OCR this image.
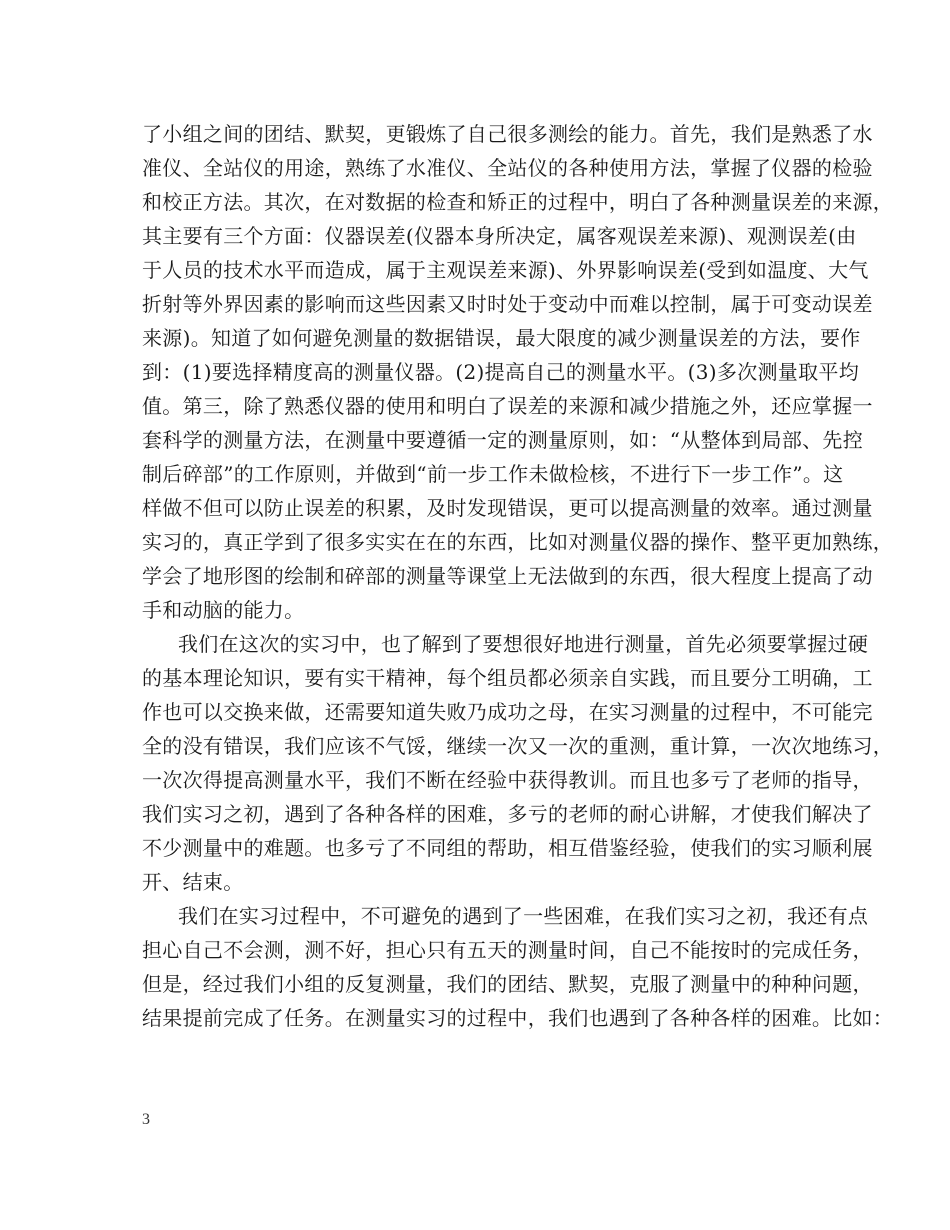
了小组之间的团结、默契，更锻炼了自己很多测绘的能力。首先，我们是熟悉了水
准仪、全站仪的用途，熟练了水准仪、全站仪的各种使用方法，掌握了仪器的检验
和校正方法。其次，在对数据的检查和矫正的过程中，明白了各种测量误差的来源，
其主要有三个方面：仪器误差(仪器本身所决定，属客观误差来源)、观测误差(由
于人员的技术水平而造成，属于主观误差来源)、外界影响误差(受到如温度、大气
折射等外界因素的影响而这些因素又时时处于变动中而难以控制，属于可变动误差
来源)。知道了如何避免测量的数据错误，最大限度的减少测量误差的方法，要作
到：(1)要选择精度高的测量仪器。(2)提高自己的测量水平。(3)多次测量取平均
值。第三，除了熟悉仪器的使用和明白了误差的来源和减少措施之外，还应掌握一
套科学的测量方法，在测量中要遵循一定的测量原则，如：“从整体到局部、先控
制后碎部”的工作原则，并做到“前一步工作未做检核，不进行下一步工作”。这
样做不但可以防止误差的积累，及时发现错误，更可以提高测量的效率。通过测量
实习的，真正学到了很多实实在在的东西，比如对测量仪器的操作、整平更加熟练，
学会了地形图的绘制和碎部的测量等课堂上无法做到的东西，很大程度上提高了动
手和动脑的能力。
我们在这次的实习中，也了解到了要想很好地进行测量，首先必须要掌握过硬
的基本理论知识，要有实干精神，每个组员都必须亲自实践，而且要分工明确，工
作也可以交换来做，还需要知道失败乃成功之母，在实习测量的过程中，不可能完
全的没有错误，我们应该不气馁，继续一次又一次的重测，重计算，一次次地练习，
一次次得提高测量水平，我们不断在经验中获得教训。而且也多亏了老师的指导，
我们实习之初，遇到了各种各样的困难，多亏的老师的耐心讲解，才使我们解决了
不少测量中的难题。也多亏了不同组的帮助，相互借鉴经验，使我们的实习顺利展
开、结束。
我们在实习过程中，不可避免的遇到了一些困难，在我们实习之初，我还有点
担心自己不会测，测不好，担心只有五天的测量时间，自己不能按时的完成任务，
但是，经过我们小组的反复测量，我们的团结、默契，克服了测量中的种种问题，
结果提前完成了任务。在测量实习的过程中，我们也遇到了各种各样的困难。比如：
3
